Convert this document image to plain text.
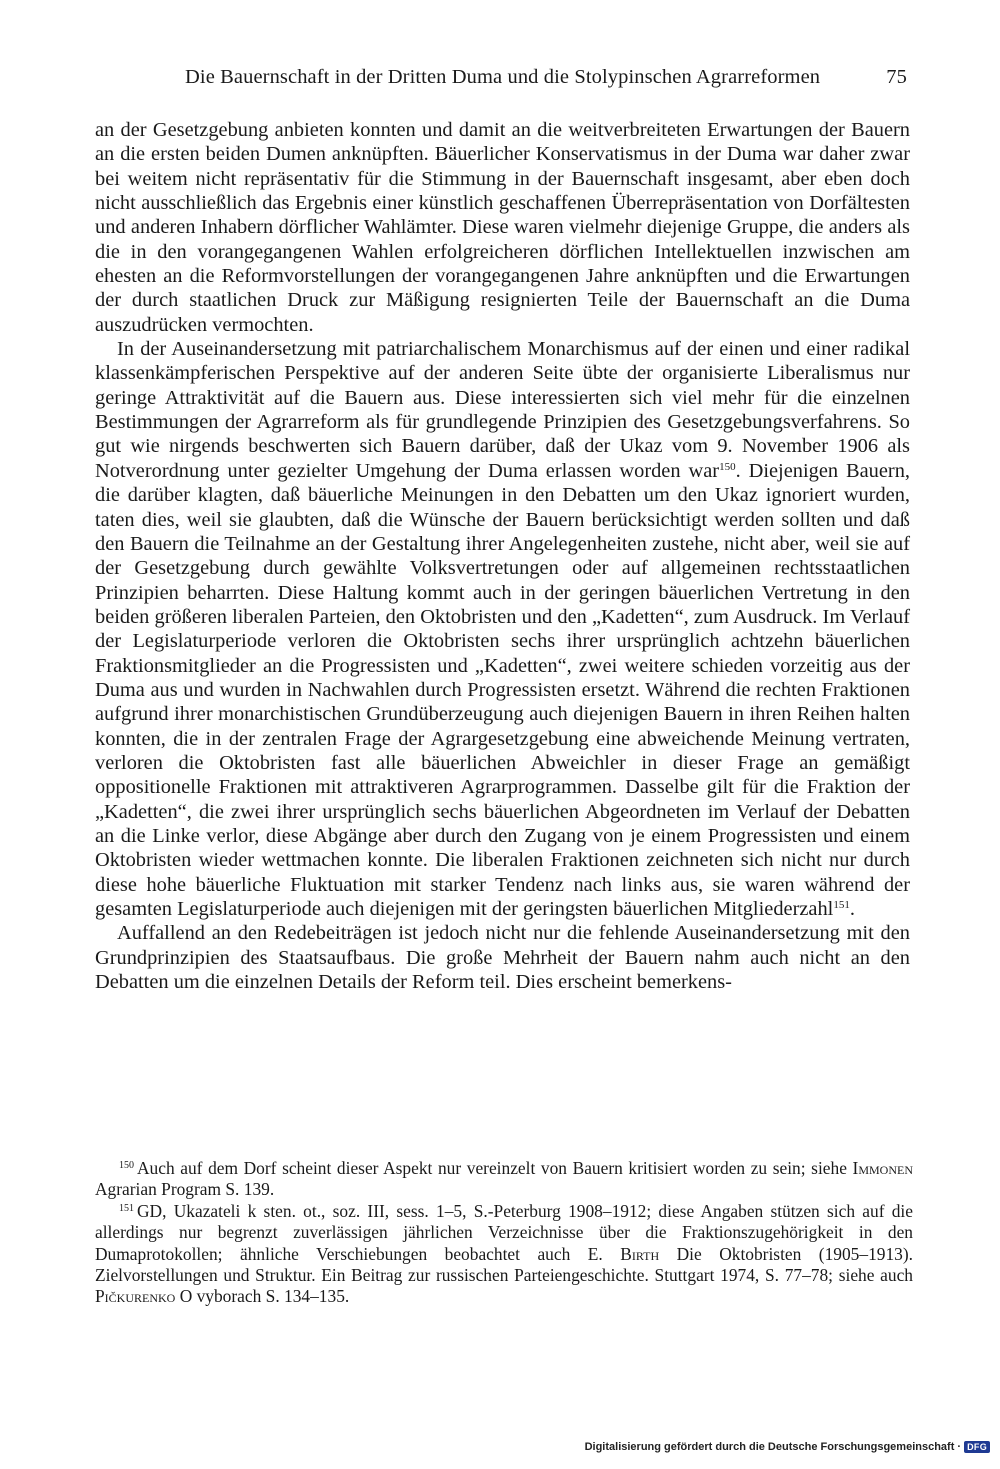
Die Bauernschaft in der Dritten Duma und die Stolypinschen Agrarreformen	75

an der Gesetzgebung anbieten konnten und damit an die weitverbreiteten Erwartungen der Bauern an die ersten beiden Dumen anknüpften. Bäuerlicher Konservatismus in der Duma war daher zwar bei weitem nicht repräsentativ für die Stimmung in der Bauernschaft insgesamt, aber eben doch nicht ausschließlich das Ergebnis einer künstlich geschaffenen Überrepräsentation von Dorfältesten und anderen Inhabern dörflicher Wahlämter. Diese waren vielmehr diejenige Gruppe, die anders als die in den vorangegangenen Wahlen erfolgreicheren dörflichen Intellektuellen inzwischen am ehesten an die Reformvorstellungen der vorangegangenen Jahre anknüpften und die Erwartungen der durch staatlichen Druck zur Mäßigung resignierten Teile der Bauernschaft an die Duma auszudrücken vermochten.

In der Auseinandersetzung mit patriarchalischem Monarchismus auf der einen und einer radikal klassenkämpferischen Perspektive auf der anderen Seite übte der organisierte Liberalismus nur geringe Attraktivität auf die Bauern aus. Diese interessierten sich viel mehr für die einzelnen Bestimmungen der Agrarreform als für grundlegende Prinzipien des Gesetzgebungsverfahrens. So gut wie nirgends beschwerten sich Bauern darüber, daß der Ukaz vom 9. November 1906 als Notverordnung unter gezielter Umgehung der Duma erlassen worden war$^{150}$. Diejenigen Bauern, die darüber klagten, daß bäuerliche Meinungen in den Debatten um den Ukaz ignoriert wurden, taten dies, weil sie glaubten, daß die Wünsche der Bauern berücksichtigt werden sollten und daß den Bauern die Teilnahme an der Gestaltung ihrer Angelegenheiten zustehe, nicht aber, weil sie auf der Gesetzgebung durch gewählte Volksvertretungen oder auf allgemeinen rechtsstaatlichen Prinzipien beharrten. Diese Haltung kommt auch in der geringen bäuerlichen Vertretung in den beiden größeren liberalen Parteien, den Oktobristen und den „Kadetten“, zum Ausdruck. Im Verlauf der Legislaturperiode verloren die Oktobristen sechs ihrer ursprünglich achtzehn bäuerlichen Fraktionsmitglieder an die Progressisten und „Kadetten“, zwei weitere schieden vorzeitig aus der Duma aus und wurden in Nachwahlen durch Progressisten ersetzt. Während die rechten Fraktionen aufgrund ihrer monarchistischen Grundüberzeugung auch diejenigen Bauern in ihren Reihen halten konnten, die in der zentralen Frage der Agrargesetzgebung eine abweichende Meinung vertraten, verloren die Oktobristen fast alle bäuerlichen Abweichler in dieser Frage an gemäßigt oppositionelle Fraktionen mit attraktiveren Agrarprogrammen. Dasselbe gilt für die Fraktion der „Kadetten“, die zwei ihrer ursprünglich sechs bäuerlichen Abgeordneten im Verlauf der Debatten an die Linke verlor, diese Abgänge aber durch den Zugang von je einem Progressisten und einem Oktobristen wieder wettmachen konnte. Die liberalen Fraktionen zeichneten sich nicht nur durch diese hohe bäuerliche Fluktuation mit starker Tendenz nach links aus, sie waren während der gesamten Legislaturperiode auch diejenigen mit der geringsten bäuerlichen Mitgliederzahl$^{151}$.

Auffallend an den Redebeiträgen ist jedoch nicht nur die fehlende Auseinandersetzung mit den Grundprinzipien des Staatsaufbaus. Die große Mehrheit der Bauern nahm auch nicht an den Debatten um die einzelnen Details der Reform teil. Dies erscheint bemerkens-

$^{150}$ Auch auf dem Dorf scheint dieser Aspekt nur vereinzelt von Bauern kritisiert worden zu sein; siehe Immonen Agrarian Program S. 139.

$^{151}$ GD, Ukazateli k sten. ot., soz. III, sess. 1–5, S.-Peterburg 1908–1912; diese Angaben stützen sich auf die allerdings nur begrenzt zuverlässigen jährlichen Verzeichnisse über die Fraktionszugehörigkeit in den Dumaprotokollen; ähnliche Verschiebungen beobachtet auch E. Birth Die Oktobristen (1905–1913). Zielvorstellungen und Struktur. Ein Beitrag zur russischen Parteiengeschichte. Stuttgart 1974, S. 77–78; siehe auch Pičkurenko O vyborach S. 134–135.

Digitalisierung gefördert durch die Deutsche Forschungsgemeinschaft · DFG
